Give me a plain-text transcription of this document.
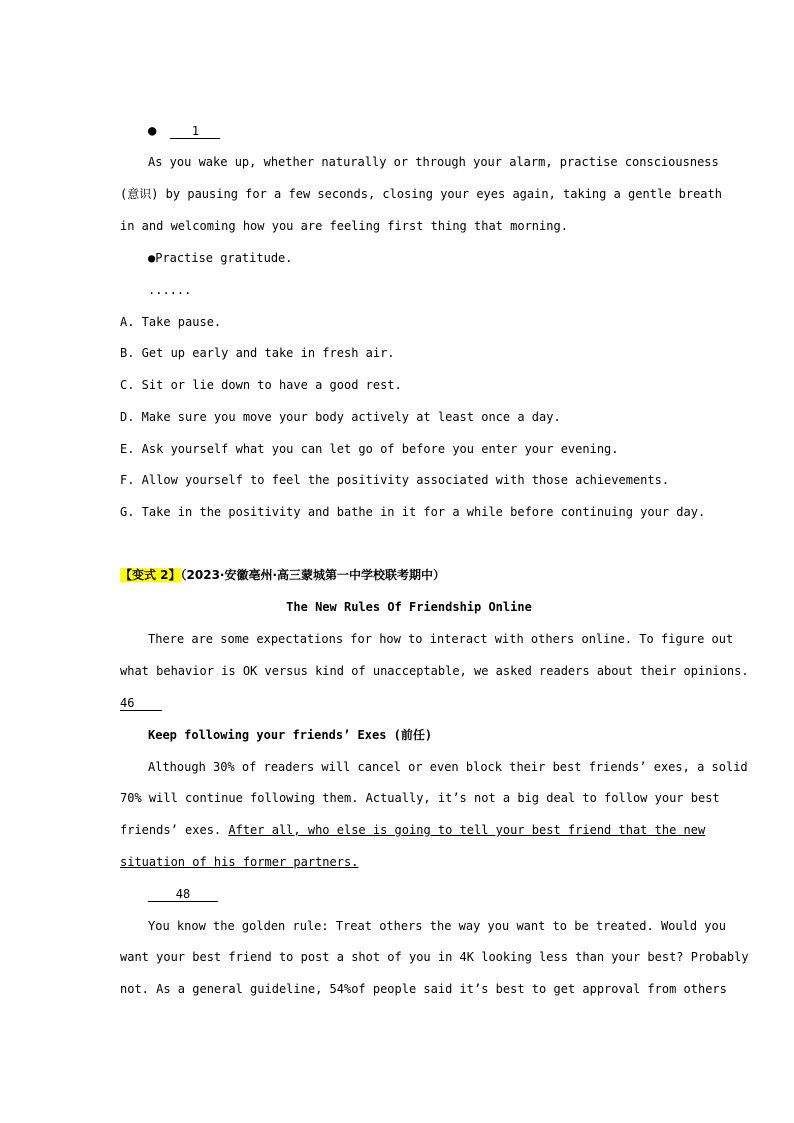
●	1
As you wake up, whether naturally or through your alarm, practise consciousness
(意识) by pausing for a few seconds, closing your eyes again, taking a gentle breath
in and welcoming how you are feeling first thing that morning.
●Practise gratitude.
......
A. Take pause.
B. Get up early and take in fresh air.
C. Sit or lie down to have a good rest.
D. Make sure you move your body actively at least once a day.
E. Ask yourself what you can let go of before you enter your evening.
F. Allow yourself to feel the positivity associated with those achievements.
G. Take in the positivity and bathe in it for a while before continuing your day.
【变式 2】（2023·安徽亳州·高三蒙城第一中学校联考期中）
The New Rules Of Friendship Online
There are some expectations for how to interact with others online. To figure out
what behavior is OK versus kind of unacceptable, we asked readers about their opinions.
46
Keep following your friends’ Exes (前任)
Although 30% of readers will cancel or even block their best friends’ exes, a solid
70% will continue following them. Actually, it’s not a big deal to follow your best
friends’ exes. After all, who else is going to tell your best friend that the new
situation of his former partners.
48
You know the golden rule: Treat others the way you want to be treated. Would you
want your best friend to post a shot of you in 4K looking less than your best? Probably
not. As a general guideline, 54%of people said it’s best to get approval from others
